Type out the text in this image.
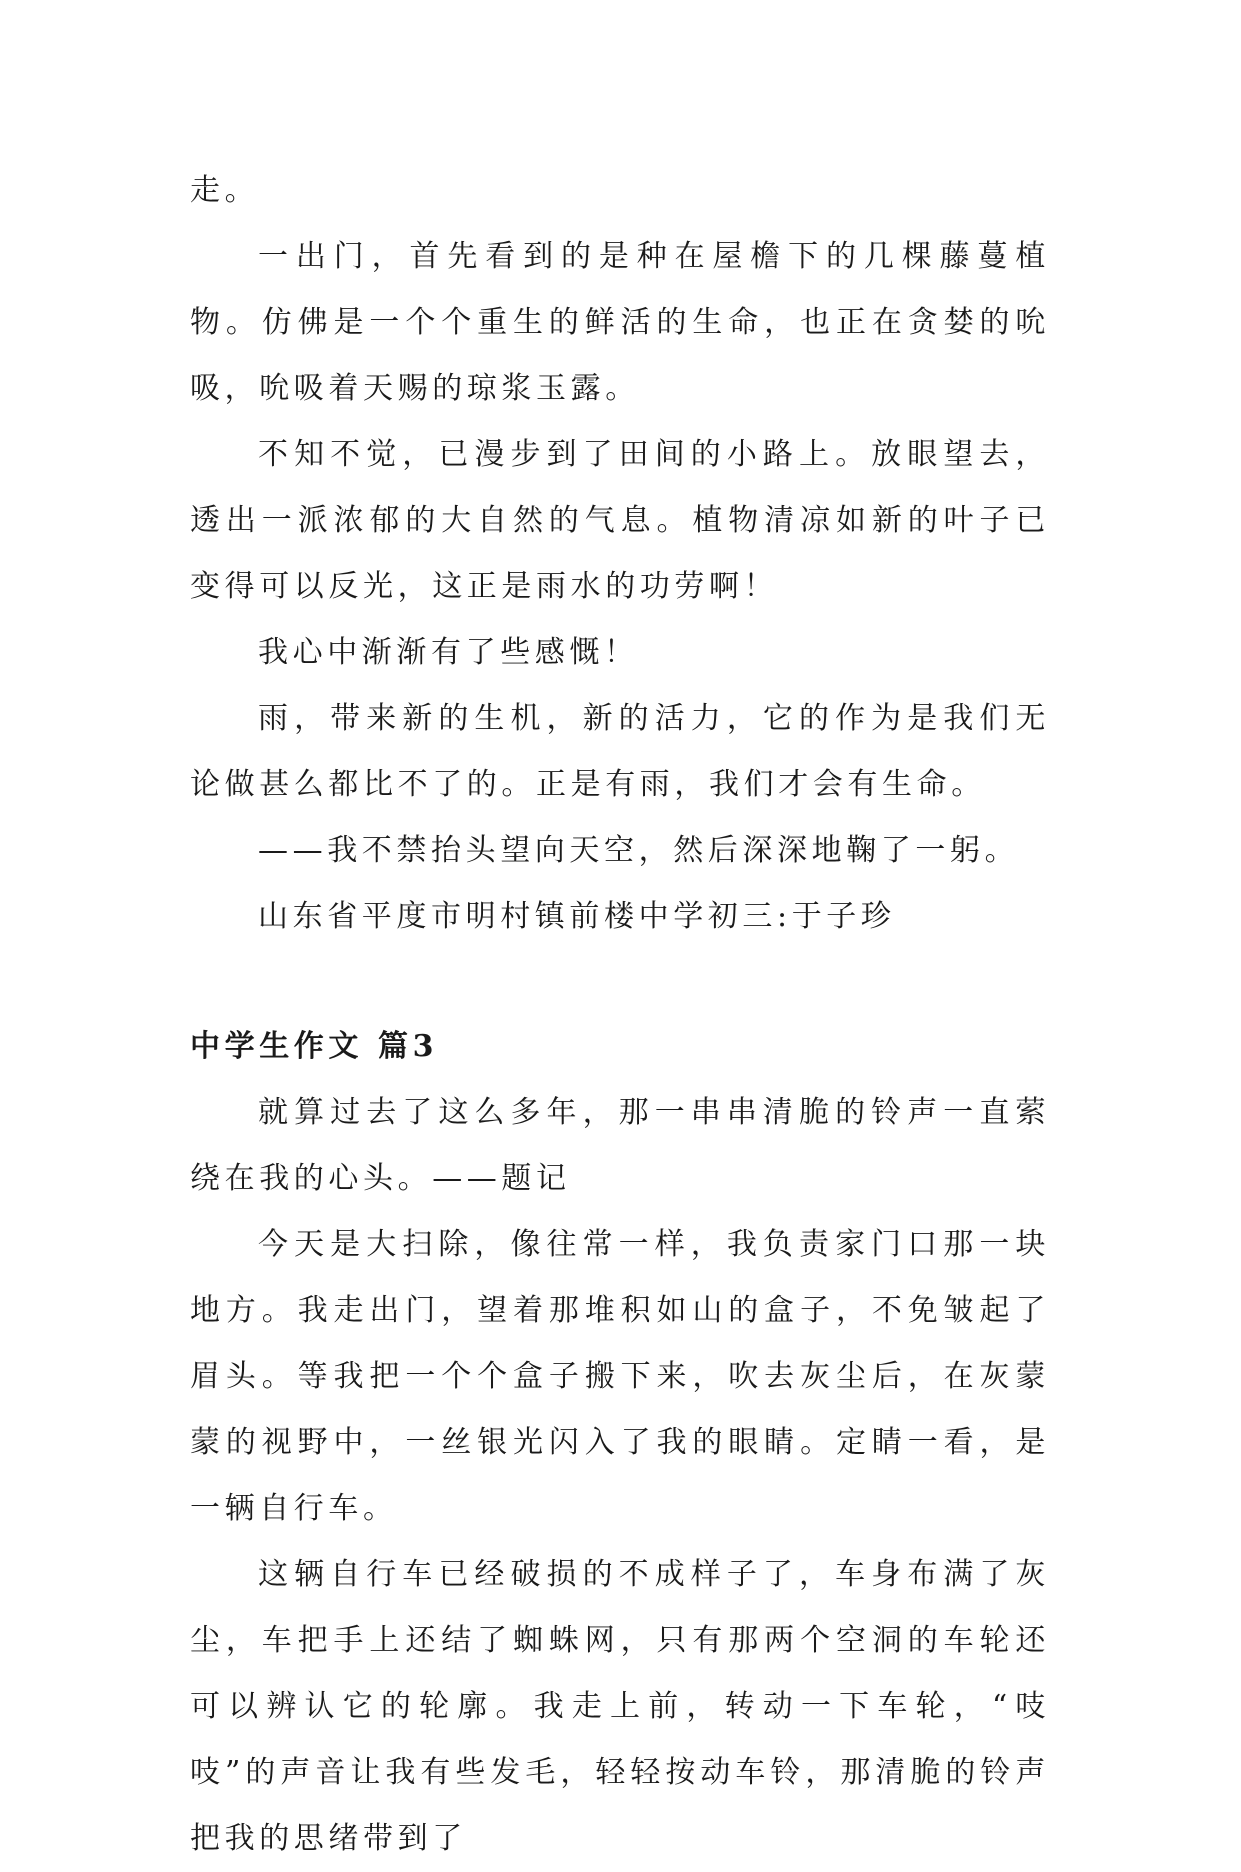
走。

一出门，首先看到的是种在屋檐下的几棵藤蔓植物。仿佛是一个个重生的鲜活的生命，也正在贪婪的吮吸，吮吸着天赐的琼浆玉露。

不知不觉，已漫步到了田间的小路上。放眼望去，透出一派浓郁的大自然的气息。植物清凉如新的叶子已变得可以反光，这正是雨水的功劳啊！

我心中渐渐有了些感慨！

雨，带来新的生机，新的活力，它的作为是我们无论做甚么都比不了的。正是有雨，我们才会有生命。

——我不禁抬头望向天空，然后深深地鞠了一躬。

山东省平度市明村镇前楼中学初三:于子珍

中学生作文 篇3

就算过去了这么多年，那一串串清脆的铃声一直萦绕在我的心头。——题记

今天是大扫除，像往常一样，我负责家门口那一块地方。我走出门，望着那堆积如山的盒子，不免皱起了眉头。等我把一个个盒子搬下来，吹去灰尘后，在灰蒙蒙的视野中，一丝银光闪入了我的眼睛。定睛一看，是一辆自行车。

这辆自行车已经破损的不成样子了，车身布满了灰尘，车把手上还结了蜘蛛网，只有那两个空洞的车轮还可以辨认它的轮廓。我走上前，转动一下车轮，“吱吱”的声音让我有些发毛，轻轻按动车铃，那清脆的铃声把我的思绪带到了
